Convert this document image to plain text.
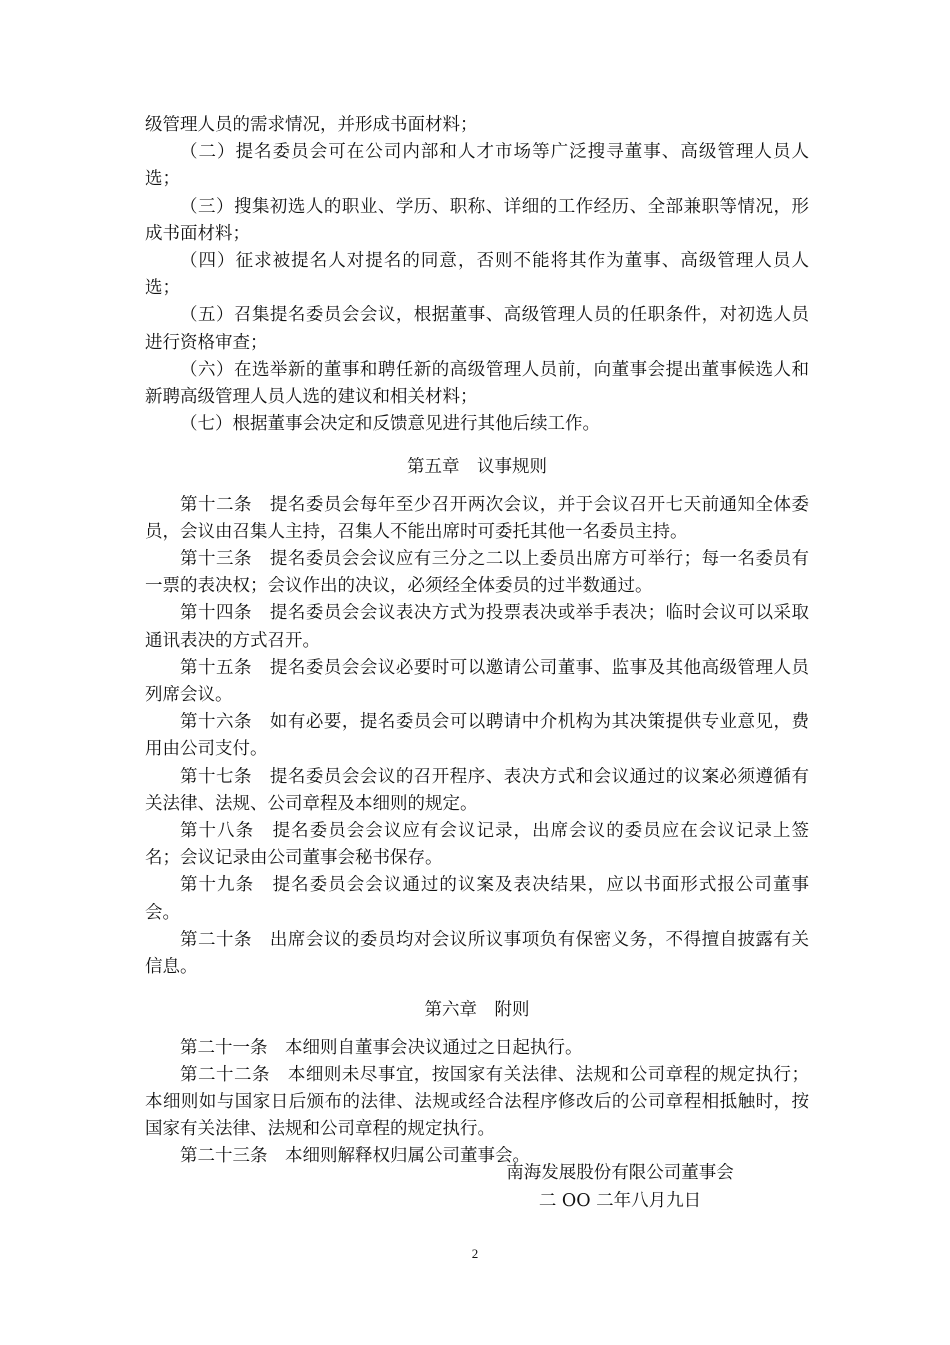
级管理人员的需求情况，并形成书面材料；

（二）提名委员会可在公司内部和人才市场等广泛搜寻董事、高级管理人员人选；

（三）搜集初选人的职业、学历、职称、详细的工作经历、全部兼职等情况，形成书面材料；

（四）征求被提名人对提名的同意，否则不能将其作为董事、高级管理人员人选；

（五）召集提名委员会会议，根据董事、高级管理人员的任职条件，对初选人员进行资格审查；

（六）在选举新的董事和聘任新的高级管理人员前，向董事会提出董事候选人和新聘高级管理人员人选的建议和相关材料；

（七）根据董事会决定和反馈意见进行其他后续工作。

第五章　议事规则

第十二条　提名委员会每年至少召开两次会议，并于会议召开七天前通知全体委员，会议由召集人主持，召集人不能出席时可委托其他一名委员主持。

第十三条　提名委员会会议应有三分之二以上委员出席方可举行；每一名委员有一票的表决权；会议作出的决议，必须经全体委员的过半数通过。

第十四条　提名委员会会议表决方式为投票表决或举手表决；临时会议可以采取通讯表决的方式召开。

第十五条　提名委员会会议必要时可以邀请公司董事、监事及其他高级管理人员列席会议。

第十六条　如有必要，提名委员会可以聘请中介机构为其决策提供专业意见，费用由公司支付。

第十七条　提名委员会会议的召开程序、表决方式和会议通过的议案必须遵循有关法律、法规、公司章程及本细则的规定。

第十八条　提名委员会会议应有会议记录，出席会议的委员应在会议记录上签名；会议记录由公司董事会秘书保存。

第十九条　提名委员会会议通过的议案及表决结果，应以书面形式报公司董事会。

第二十条　出席会议的委员均对会议所议事项负有保密义务，不得擅自披露有关信息。

第六章　附则

第二十一条　本细则自董事会决议通过之日起执行。

第二十二条　本细则未尽事宜，按国家有关法律、法规和公司章程的规定执行；本细则如与国家日后颁布的法律、法规或经合法程序修改后的公司章程相抵触时，按国家有关法律、法规和公司章程的规定执行。

第二十三条　本细则解释权归属公司董事会。

南海发展股份有限公司董事会
二 OO 二年八月九日
2
